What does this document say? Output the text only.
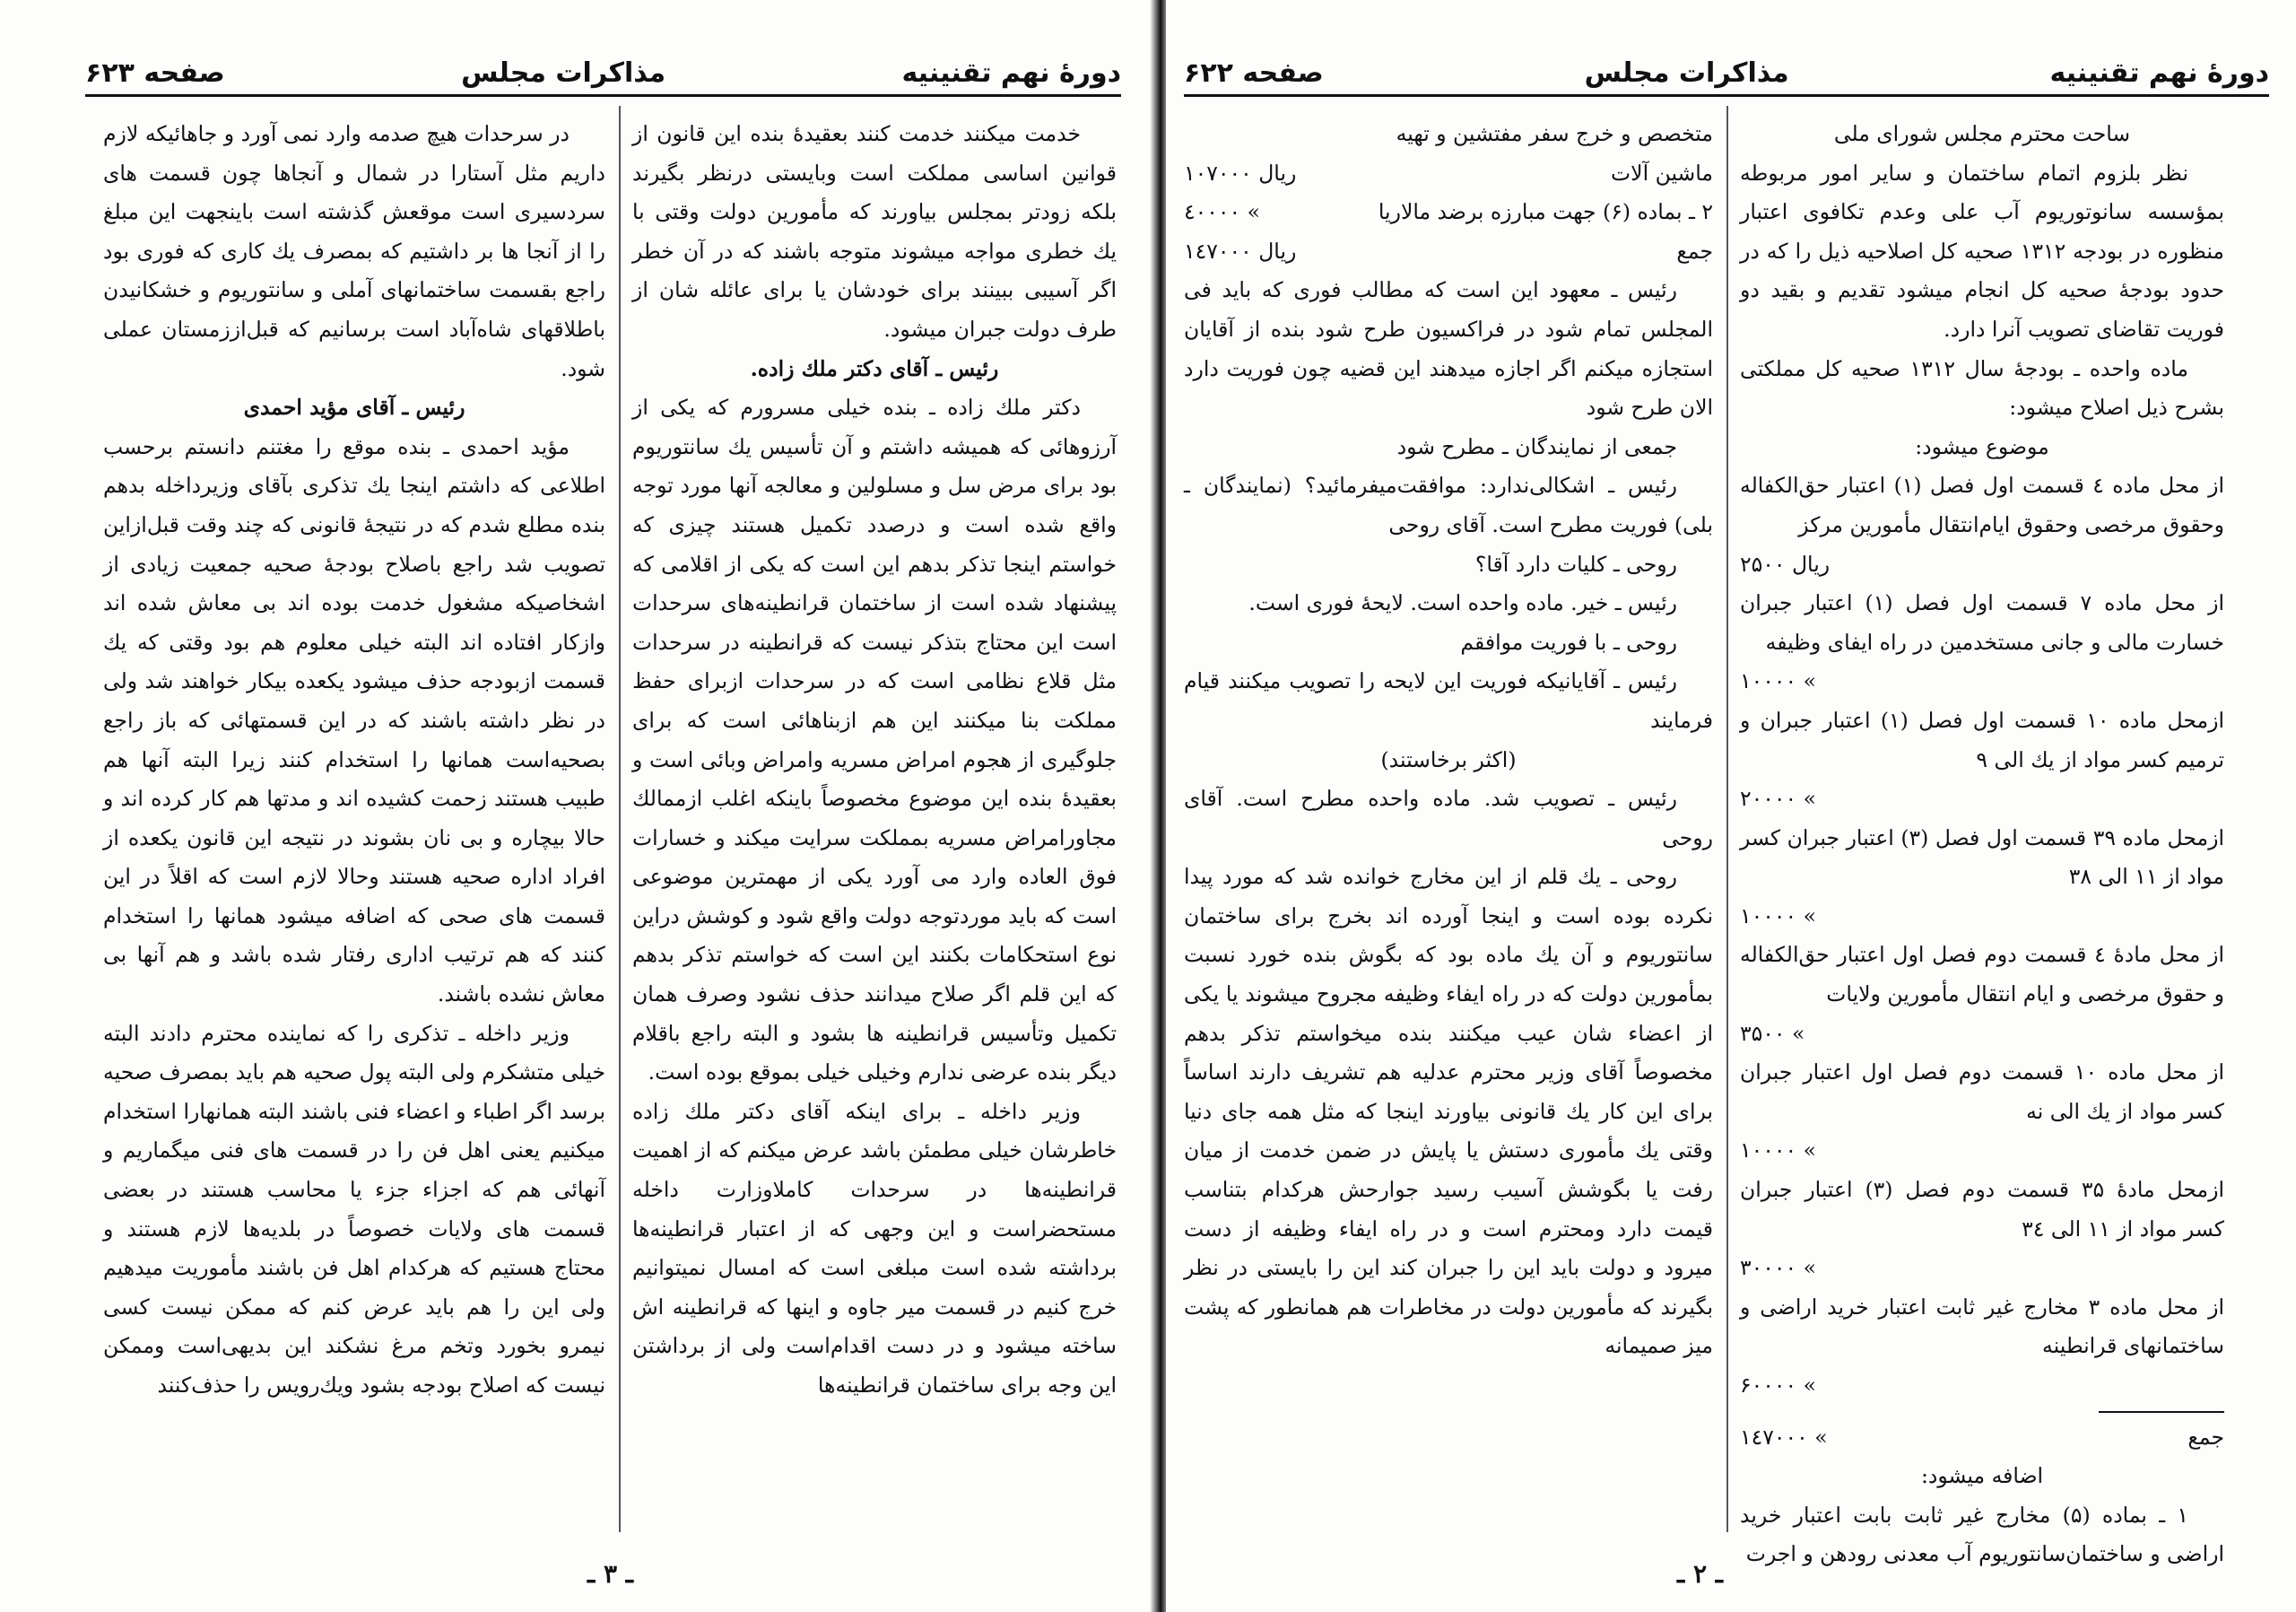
دورهٔ نهم تقنینیه
مذاکرات مجلس
صفحه ۶۲۳

خدمت میکنند خدمت کنند بعقیدهٔ بنده این قانون از قوانین اساسی مملکت است وبایستی درنظر بگیرند بلکه زودتر بمجلس بیاورند که مأمورین دولت وقتی با یك خطری مواجه میشوند متوجه باشند که در آن خطر اگر آسیبی ببینند برای خودشان یا برای عائله شان از طرف دولت جبران میشود.

رئیس ـ آقای دکتر ملك زاده.

دکتر ملك زاده ـ بنده خیلی مسرورم که یکی از آرزوهائی که همیشه داشتم و آن تأسیس یك سانتوریوم بود برای مرض سل و مسلولین و معالجه آنها مورد توجه واقع شده است و درصدد تکمیل هستند چیزی که خواستم اینجا تذکر بدهم این است که یکی از اقلامی که پیشنهاد شده است از ساختمان قرانطینه‌های سرحدات است این محتاج بتذکر نیست که قرانطینه در سرحدات مثل قلاع نظامی است که در سرحدات ازبرای حفظ مملکت بنا میکنند این هم ازبناهائی است که برای جلوگیری از هجوم امراض مسریه وامراض وبائی است و بعقیدهٔ بنده این موضوع مخصوصاً باینکه اغلب ازممالك مجاورامراض مسریه بمملکت سرایت میکند و خسارات فوق العاده وارد می آورد یکی از مهمترین موضوعی است که باید موردتوجه دولت واقع شود و کوشش دراین نوع استحکامات بکنند این است که خواستم تذکر بدهم که این قلم اگر صلاح میدانند حذف نشود وصرف همان تکمیل وتأسیس قرانطینه ها بشود و البته راجع باقلام دیگر بنده عرضی ندارم وخیلی خیلی بموقع بوده است.

وزیر داخله ـ برای اینکه آقای دکتر ملك زاده خاطرشان خیلی مطمئن باشد عرض میکنم که از اهمیت قرانطینه‌ها در سرحدات کاملاوزارت داخله مستحضراست و این وجهی که از اعتبار قرانطینه‌ها برداشته شده است مبلغی است که امسال نمیتوانیم خرج کنیم در قسمت میر جاوه و اینها که قرانطینه اش ساخته میشود و در دست اقدام‌است ولی از برداشتن این وجه برای ساختمان قرانطینه‌ها

در سرحدات هیچ صدمه وارد نمی آورد و جاهائیکه لازم داریم مثل آستارا در شمال و آنجاها چون قسمت های سردسیری است موقعش گذشته است باینجهت این مبلغ را از آنجا ها بر داشتیم که بمصرف یك کاری که فوری بود راجع بقسمت ساختمانهای آملی و سانتوریوم و خشکانیدن باطلاقهای شاه‌آباد است برسانیم که قبل‌اززمستان عملی شود.

رئیس ـ آقای مؤید احمدی

مؤید احمدی ـ بنده موقع را مغتنم دانستم برحسب اطلاعی که داشتم اینجا یك تذکری بآقای وزیرداخله بدهم بنده مطلع شدم که در نتیجهٔ قانونی که چند وقت قبل‌ازاین تصویب شد راجع باصلاح بودجهٔ صحیه جمعیت زیادی از اشخاصیکه مشغول خدمت بوده اند بی معاش شده اند وازکار افتاده اند البته خیلی معلوم هم بود وقتی که یك قسمت ازبودجه حذف میشود یکعده بیکار خواهند شد ولی در نظر داشته باشند که در این قسمتهائی که باز راجع بصحیه‌است همانها را استخدام کنند زیرا البته آنها هم طبیب هستند زحمت کشیده اند و مدتها هم کار کرده اند و حالا بیچاره و بی نان بشوند در نتیجه این قانون یکعده از افراد اداره صحیه هستند وحالا لازم است که اقلاً در این قسمت های صحی که اضافه میشود همانها را استخدام کنند که هم ترتیب اداری رفتار شده باشد و هم آنها بی معاش نشده باشند.

وزیر داخله ـ تذکری را که نماینده محترم دادند البته خیلی متشکرم ولی البته پول صحیه هم باید بمصرف صحیه برسد اگر اطباء و اعضاء فنی باشند البته همانهارا استخدام میکنیم یعنی اهل فن را در قسمت های فنی میگماریم و آنهائی هم که اجزاء جزء یا محاسب هستند در بعضی قسمت های ولایات خصوصاً در بلدیه‌ها لازم هستند و محتاج هستیم که هرکدام اهل فن باشند مأموریت میدهیم ولی این را هم باید عرض کنم که ممکن نیست کسی نیمرو بخورد وتخم مرغ نشکند این بدیهی‌است وممکن نیست که اصلاح بودجه بشود ویك‌رویس را حذف‌کنند

ـ ۳ ـ
دورهٔ نهم تقنینیه
مذاکرات مجلس
صفحه ۶۲۲

ساحت محترم مجلس شورای ملی

نظر بلزوم اتمام ساختمان و سایر امور مربوطه بمؤسسه سانوتوریوم آب علی وعدم تکافوی اعتبار منظوره در بودجه ۱۳۱۲ صحیه کل اصلاحیه ذیل را که در حدود بودجهٔ صحیه کل انجام میشود تقدیم و بقید دو فوریت تقاضای تصویب آنرا دارد.

ماده واحده ـ بودجهٔ سال ۱۳۱۲ صحیه کل مملکتی بشرح ذیل اصلاح میشود:

موضوع میشود:

از محل ماده ٤ قسمت اول فصل (۱) اعتبار حق‌الکفاله وحقوق مرخصی وحقوق ایام‌انتقال مأمورین مرکز
۲۵۰۰ ریال

از محل ماده ۷ قسمت اول فصل (۱) اعتبار جبران خسارت مالی و جانی مستخدمین در راه ایفای وظیفه
۱۰۰۰۰ «

ازمحل ماده ۱۰ قسمت اول فصل (۱) اعتبار جبران و ترمیم کسر مواد از یك الی ۹
۲۰۰۰۰ «

ازمحل ماده ۳۹ قسمت اول فصل (۳) اعتبار جبران کسر مواد از ۱۱ الی ۳۸
۱۰۰۰۰ «

از محل مادهٔ ٤ قسمت دوم فصل اول اعتبار حق‌الکفاله و حقوق مرخصی و ایام انتقال مأمورین ولایات
۳۵۰۰ «

از محل ماده ۱۰ قسمت دوم فصل اول اعتبار جبران کسر مواد از یك الی نه
۱۰۰۰۰ «

ازمحل مادهٔ ۳۵ قسمت دوم فصل (۳) اعتبار جبران کسر مواد از ۱۱ الی ۳٤
۳۰۰۰۰ «

از محل ماده ۳ مخارج غیر ثابت اعتبار خرید اراضی و ساختمانهای قرانطینه
۶۰۰۰۰ «

جمع
۱٤۷۰۰۰ «

اضافه میشود:

۱ ـ بماده (۵) مخارج غیر ثابت بابت اعتبار خرید اراضی و ساختمان‌سانتوریوم آب معدنی رودهن و اجرت

متخصص و خرج سفر مفتشین و تهیه
ماشین آلات
۱۰۷۰۰۰ ریال
۲ ـ بماده (۶) جهت مبارزه برضد مالاریا
٤۰۰۰۰ «
جمع
۱٤۷۰۰۰ ریال

رئیس ـ معهود این است که مطالب فوری که باید فی المجلس تمام شود در فراکسیون طرح شود بنده از آقایان استجازه میکنم اگر اجازه میدهند این قضیه چون فوریت دارد الان طرح شود

جمعی از نمایندگان ـ مطرح شود

رئیس ـ اشکالی‌ندارد: موافقت‌میفرمائید؟ (نمایندگان ـ بلی) فوریت مطرح است. آقای روحی

روحی ـ کلیات دارد آقا؟

رئیس ـ خیر. ماده واحده است. لایحهٔ فوری است.

روحی ـ با فوریت موافقم

رئیس ـ آقایانیکه فوریت این لایحه را تصویب میکنند قیام فرمایند

(اکثر برخاستند)

رئیس ـ تصویب شد. ماده واحده مطرح است. آقای روحی

روحی ـ یك قلم از این مخارج خوانده شد که مورد پیدا نکرده بوده است و اینجا آورده اند بخرج برای ساختمان سانتوریوم و آن یك ماده بود که بگوش بنده خورد نسبت بمأمورین دولت که در راه ایفاء وظیفه مجروح میشوند یا یکی از اعضاء شان عیب میکنند بنده میخواستم تذکر بدهم مخصوصاً آقای وزیر محترم عدلیه هم تشریف دارند اساساً برای این کار یك قانونی بیاورند اینجا که مثل همه جای دنیا وقتی یك مأموری دستش یا پایش در ضمن خدمت از میان رفت یا بگوشش آسیب رسید جوارحش هرکدام بتناسب قیمت دارد ومحترم است و در راه ایفاء وظیفه از دست میرود و دولت باید این را جبران کند این را بایستی در نظر بگیرند که مأمورین دولت در مخاطرات هم همانطور که پشت میز صمیمانه

ـ ۲ ـ
